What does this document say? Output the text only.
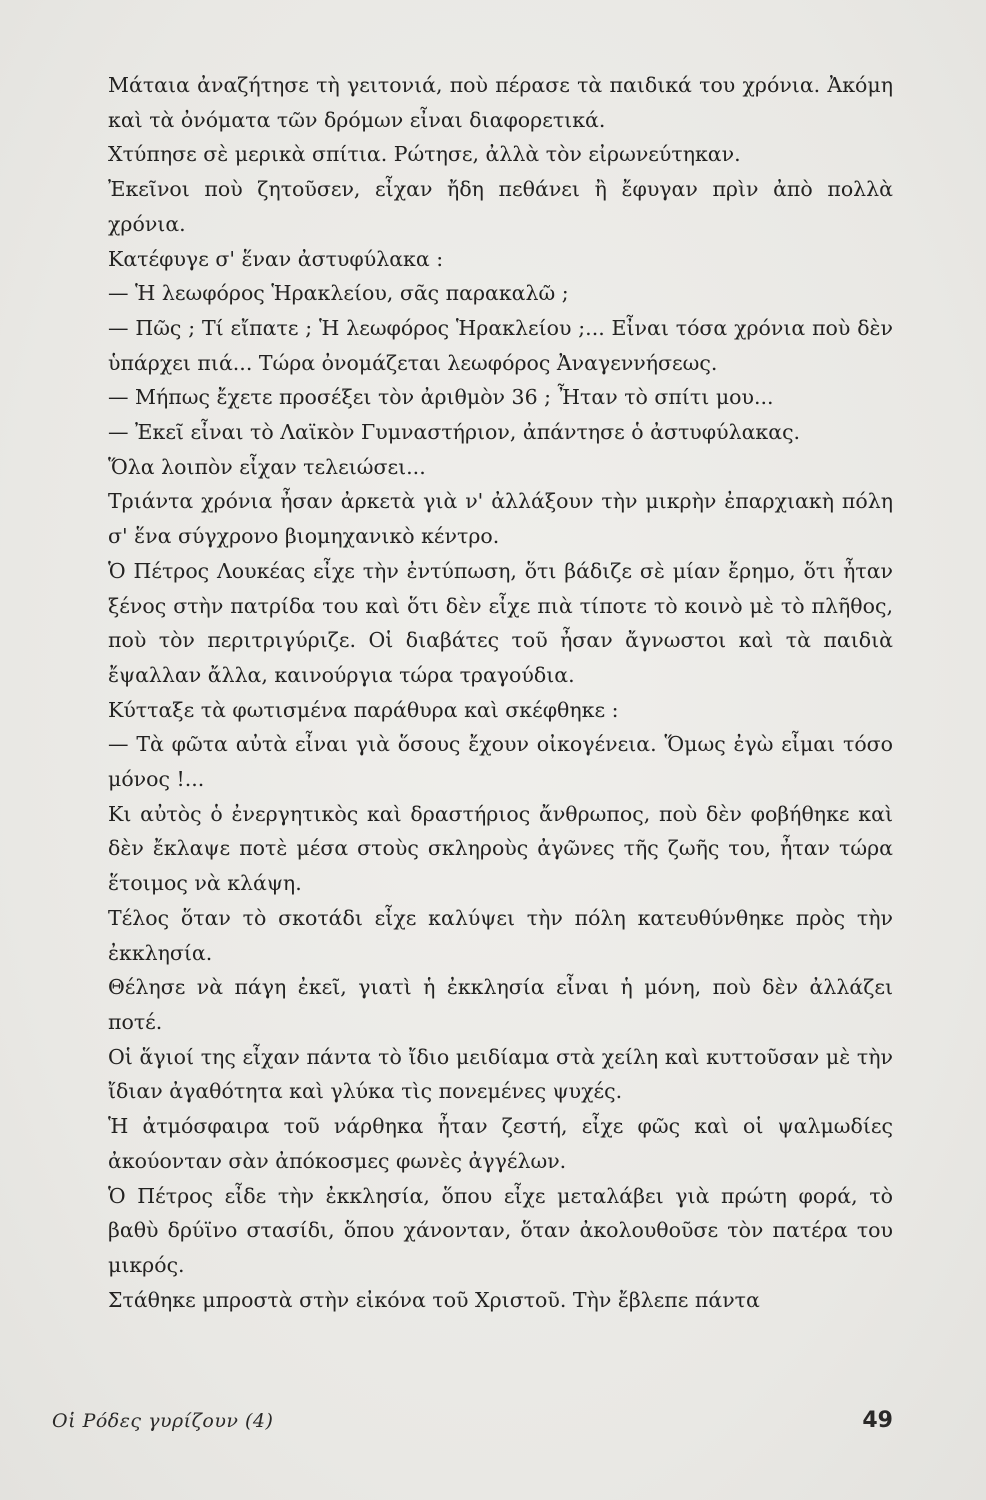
Μάταια ἀναζήτησε τὴ γειτονιά, ποὺ πέρασε τὰ παιδικά του χρόνια. Ἀκόμη καὶ τὰ ὀνόματα τῶν δρόμων εἶναι διαφορετικά.

Χτύπησε σὲ μερικὰ σπίτια. Ρώτησε, ἀλλὰ τὸν εἰρωνεύτηκαν.

Ἐκεῖνοι ποὺ ζητοῦσεν, εἶχαν ἤδη πεθάνει ἢ ἔφυγαν πρὶν ἀπὸ πολλὰ χρόνια.

Κατέφυγε σ' ἕναν ἀστυφύλακα :

— Ἡ λεωφόρος Ἡρακλείου, σᾶς παρακαλῶ ;

— Πῶς ; Τί εἴπατε ; Ἡ λεωφόρος Ἡρακλείου ;... Εἶναι τόσα χρόνια ποὺ δὲν ὑπάρχει πιά... Τώρα ὀνομάζεται λεωφόρος Ἀναγεννήσεως.

— Μήπως ἔχετε προσέξει τὸν ἀριθμὸν 36 ; Ἦταν τὸ σπίτι μου...

— Ἐκεῖ εἶναι τὸ Λαϊκὸν Γυμναστήριον, ἀπάντησε ὁ ἀστυφύλακας.

Ὅλα λοιπὸν εἶχαν τελειώσει...

Τριάντα χρόνια ἦσαν ἀρκετὰ γιὰ ν' ἀλλάξουν τὴν μικρὴν ἐπαρχιακὴ πόλη σ' ἕνα σύγχρονο βιομηχανικὸ κέντρο.

Ὁ Πέτρος Λουκέας εἶχε τὴν ἐντύπωση, ὅτι βάδιζε σὲ μίαν ἔρημο, ὅτι ἦταν ξένος στὴν πατρίδα του καὶ ὅτι δὲν εἶχε πιὰ τίποτε τὸ κοινὸ μὲ τὸ πλῆθος, ποὺ τὸν περιτριγύριζε. Οἱ διαβάτες τοῦ ἦσαν ἄγνωστοι καὶ τὰ παιδιὰ ἔψαλλαν ἄλλα, καινούργια τώρα τραγούδια.

Κύτταξε τὰ φωτισμένα παράθυρα καὶ σκέφθηκε :

— Τὰ φῶτα αὐτὰ εἶναι γιὰ ὅσους ἔχουν οἰκογένεια. Ὅμως ἐγὼ εἶμαι τόσο μόνος !...

Κι αὐτὸς ὁ ἐνεργητικὸς καὶ δραστήριος ἄνθρωπος, ποὺ δὲν φοβήθηκε καὶ δὲν ἔκλαψε ποτὲ μέσα στοὺς σκληροὺς ἀγῶνες τῆς ζωῆς του, ἦταν τώρα ἕτοιμος νὰ κλάψη.

Τέλος ὅταν τὸ σκοτάδι εἶχε καλύψει τὴν πόλη κατευθύνθηκε πρὸς τὴν ἐκκλησία.

Θέλησε νὰ πάγη ἐκεῖ, γιατὶ ἡ ἐκκλησία εἶναι ἡ μόνη, ποὺ δὲν ἀλλάζει ποτέ.

Οἱ ἅγιοί της εἶχαν πάντα τὸ ἴδιο μειδίαμα στὰ χείλη καὶ κυττοῦσαν μὲ τὴν ἴδιαν ἀγαθότητα καὶ γλύκα τὶς πονεμένες ψυχές.

Ἡ ἀτμόσφαιρα τοῦ νάρθηκα ἦταν ζεστή, εἶχε φῶς καὶ οἱ ψαλμωδίες ἀκούονταν σὰν ἀπόκοσμες φωνὲς ἀγγέλων.

Ὁ Πέτρος εἶδε τὴν ἐκκλησία, ὅπου εἶχε μεταλάβει γιὰ πρώτη φορά, τὸ βαθὺ δρύϊνο στασίδι, ὅπου χάνονταν, ὅταν ἀκολουθοῦσε τὸν πατέρα του μικρός.

Στάθηκε μπροστὰ στὴν εἰκόνα τοῦ Χριστοῦ. Τὴν ἔβλεπε πάντα

Οἱ Ρόδες γυρίζουν (4)	49
